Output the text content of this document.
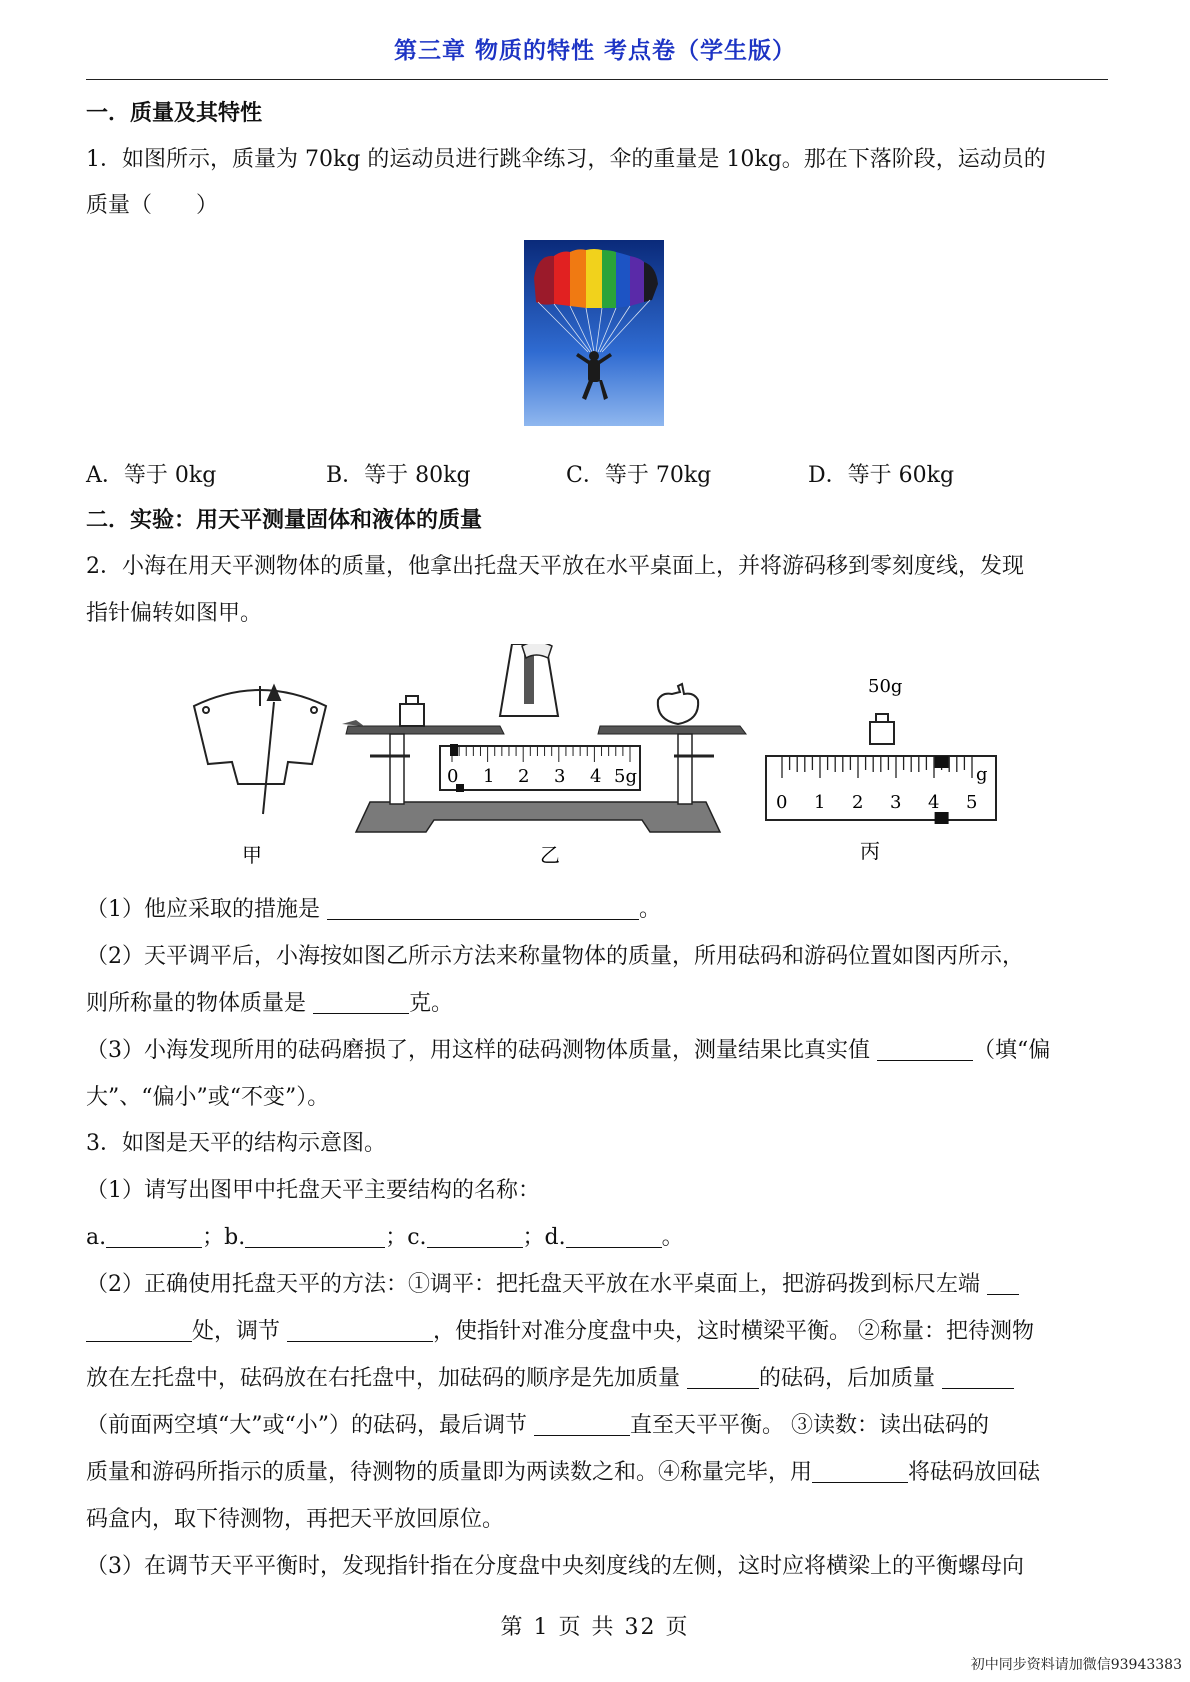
第三章 物质的特性 考点卷（学生版）
一．质量及其特性
1．如图所示，质量为 70kg 的运动员进行跳伞练习，伞的重量是 10kg。那在下落阶段，运动员的
质量（　　）
A．等于 0kg	B．等于 80kg	C．等于 70kg	D．等于 60kg
二．实验：用天平测量固体和液体的质量
2．小海在用天平测物体的质量，他拿出托盘天平放在水平桌面上，并将游码移到零刻度线，发现
指针偏转如图甲。
甲
0 1 2 3 4 5g
乙
50g
0 1 2 3 4 5
g
丙
（1）他应采取的措施是	。
（2）天平调平后，小海按如图乙所示方法来称量物体的质量，所用砝码和游码位置如图丙所示，
则所称量的物体质量是	克。
（3）小海发现所用的砝码磨损了，用这样的砝码测物体质量，测量结果比真实值	（填“偏
大”、“偏小”或“不变”）。
3．如图是天平的结构示意图。
（1）请写出图甲中托盘天平主要结构的名称：
a.	；b.	；c.	；d.	。
（2）正确使用托盘天平的方法：①调平：把托盘天平放在水平桌面上，把游码拨到标尺左端
处，调节	，使指针对准分度盘中央，这时横梁平衡。 ②称量：把待测物
放在左托盘中，砝码放在右托盘中，加砝码的顺序是先加质量	的砝码，后加质量
（前面两空填“大”或“小”）的砝码，最后调节	直至天平平衡。 ③读数：读出砝码的
质量和游码所指示的质量，待测物的质量即为两读数之和。④称量完毕，用	将砝码放回砝
码盒内，取下待测物，再把天平放回原位。
（3）在调节天平平衡时，发现指针指在分度盘中央刻度线的左侧，这时应将横梁上的平衡螺母向
第 1 页 共 32 页
初中同步资料请加微信93943383
